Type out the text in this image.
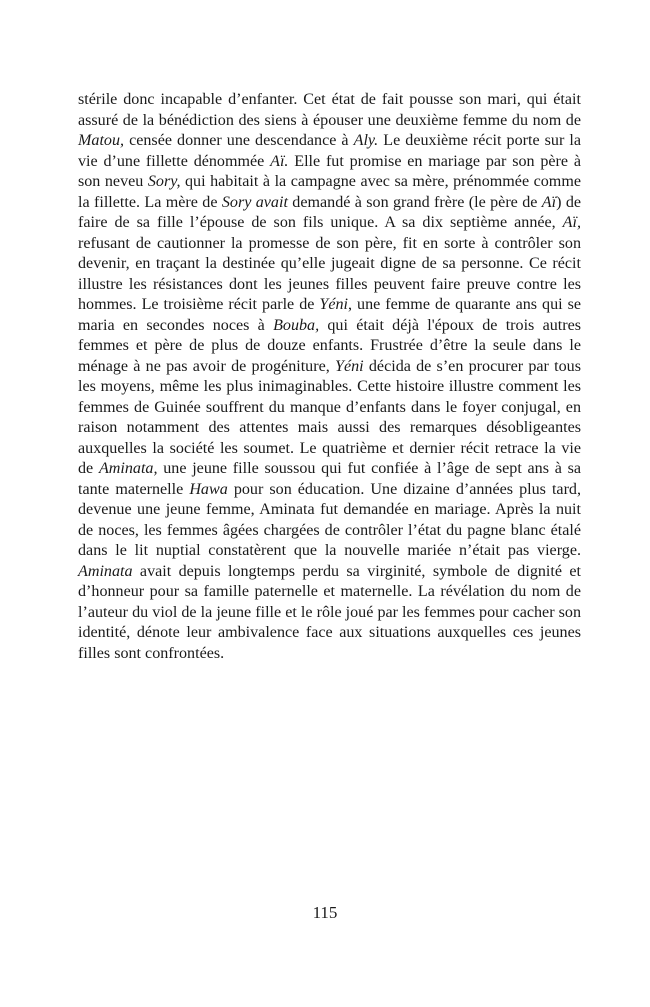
stérile donc incapable d’enfanter. Cet état de fait pousse son mari, qui était assuré de la bénédiction des siens à épouser une deuxième femme du nom de Matou, censée donner une descendance à Aly. Le deuxième récit porte sur la vie d’une fillette dénommée Aï. Elle fut promise en mariage par son père à son neveu Sory, qui habitait à la campagne avec sa mère, prénommée comme la fillette. La mère de Sory avait demandé à son grand frère (le père de Aï) de faire de sa fille l’épouse de son fils unique. A sa dix septième année, Aï, refusant de cautionner la promesse de son père, fit en sorte à contrôler son devenir, en traçant la destinée qu’elle jugeait digne de sa personne. Ce récit illustre les résistances dont les jeunes filles peuvent faire preuve contre les hommes. Le troisième récit parle de Yéni, une femme de quarante ans qui se maria en secondes noces à Bouba, qui était déjà l'époux de trois autres femmes et père de plus de douze enfants. Frustrée d’être la seule dans le ménage à ne pas avoir de progéniture, Yéni décida de s’en procurer par tous les moyens, même les plus inimaginables. Cette histoire illustre comment les femmes de Guinée souffrent du manque d’enfants dans le foyer conjugal, en raison notamment des attentes mais aussi des remarques désobligeantes auxquelles la société les soumet. Le quatrième et dernier récit retrace la vie de Aminata, une jeune fille soussou qui fut confiée à l’âge de sept ans à sa tante maternelle Hawa pour son éducation. Une dizaine d’années plus tard, devenue une jeune femme, Aminata fut demandée en mariage. Après la nuit de noces, les femmes âgées chargées de contrôler l’état du pagne blanc étalé dans le lit nuptial constatèrent que la nouvelle mariée n’était pas vierge. Aminata avait depuis longtemps perdu sa virginité, symbole de dignité et d’honneur pour sa famille paternelle et maternelle. La révélation du nom de l’auteur du viol de la jeune fille et le rôle joué par les femmes pour cacher son identité, dénote leur ambivalence face aux situations auxquelles ces jeunes filles sont confrontées.

115
